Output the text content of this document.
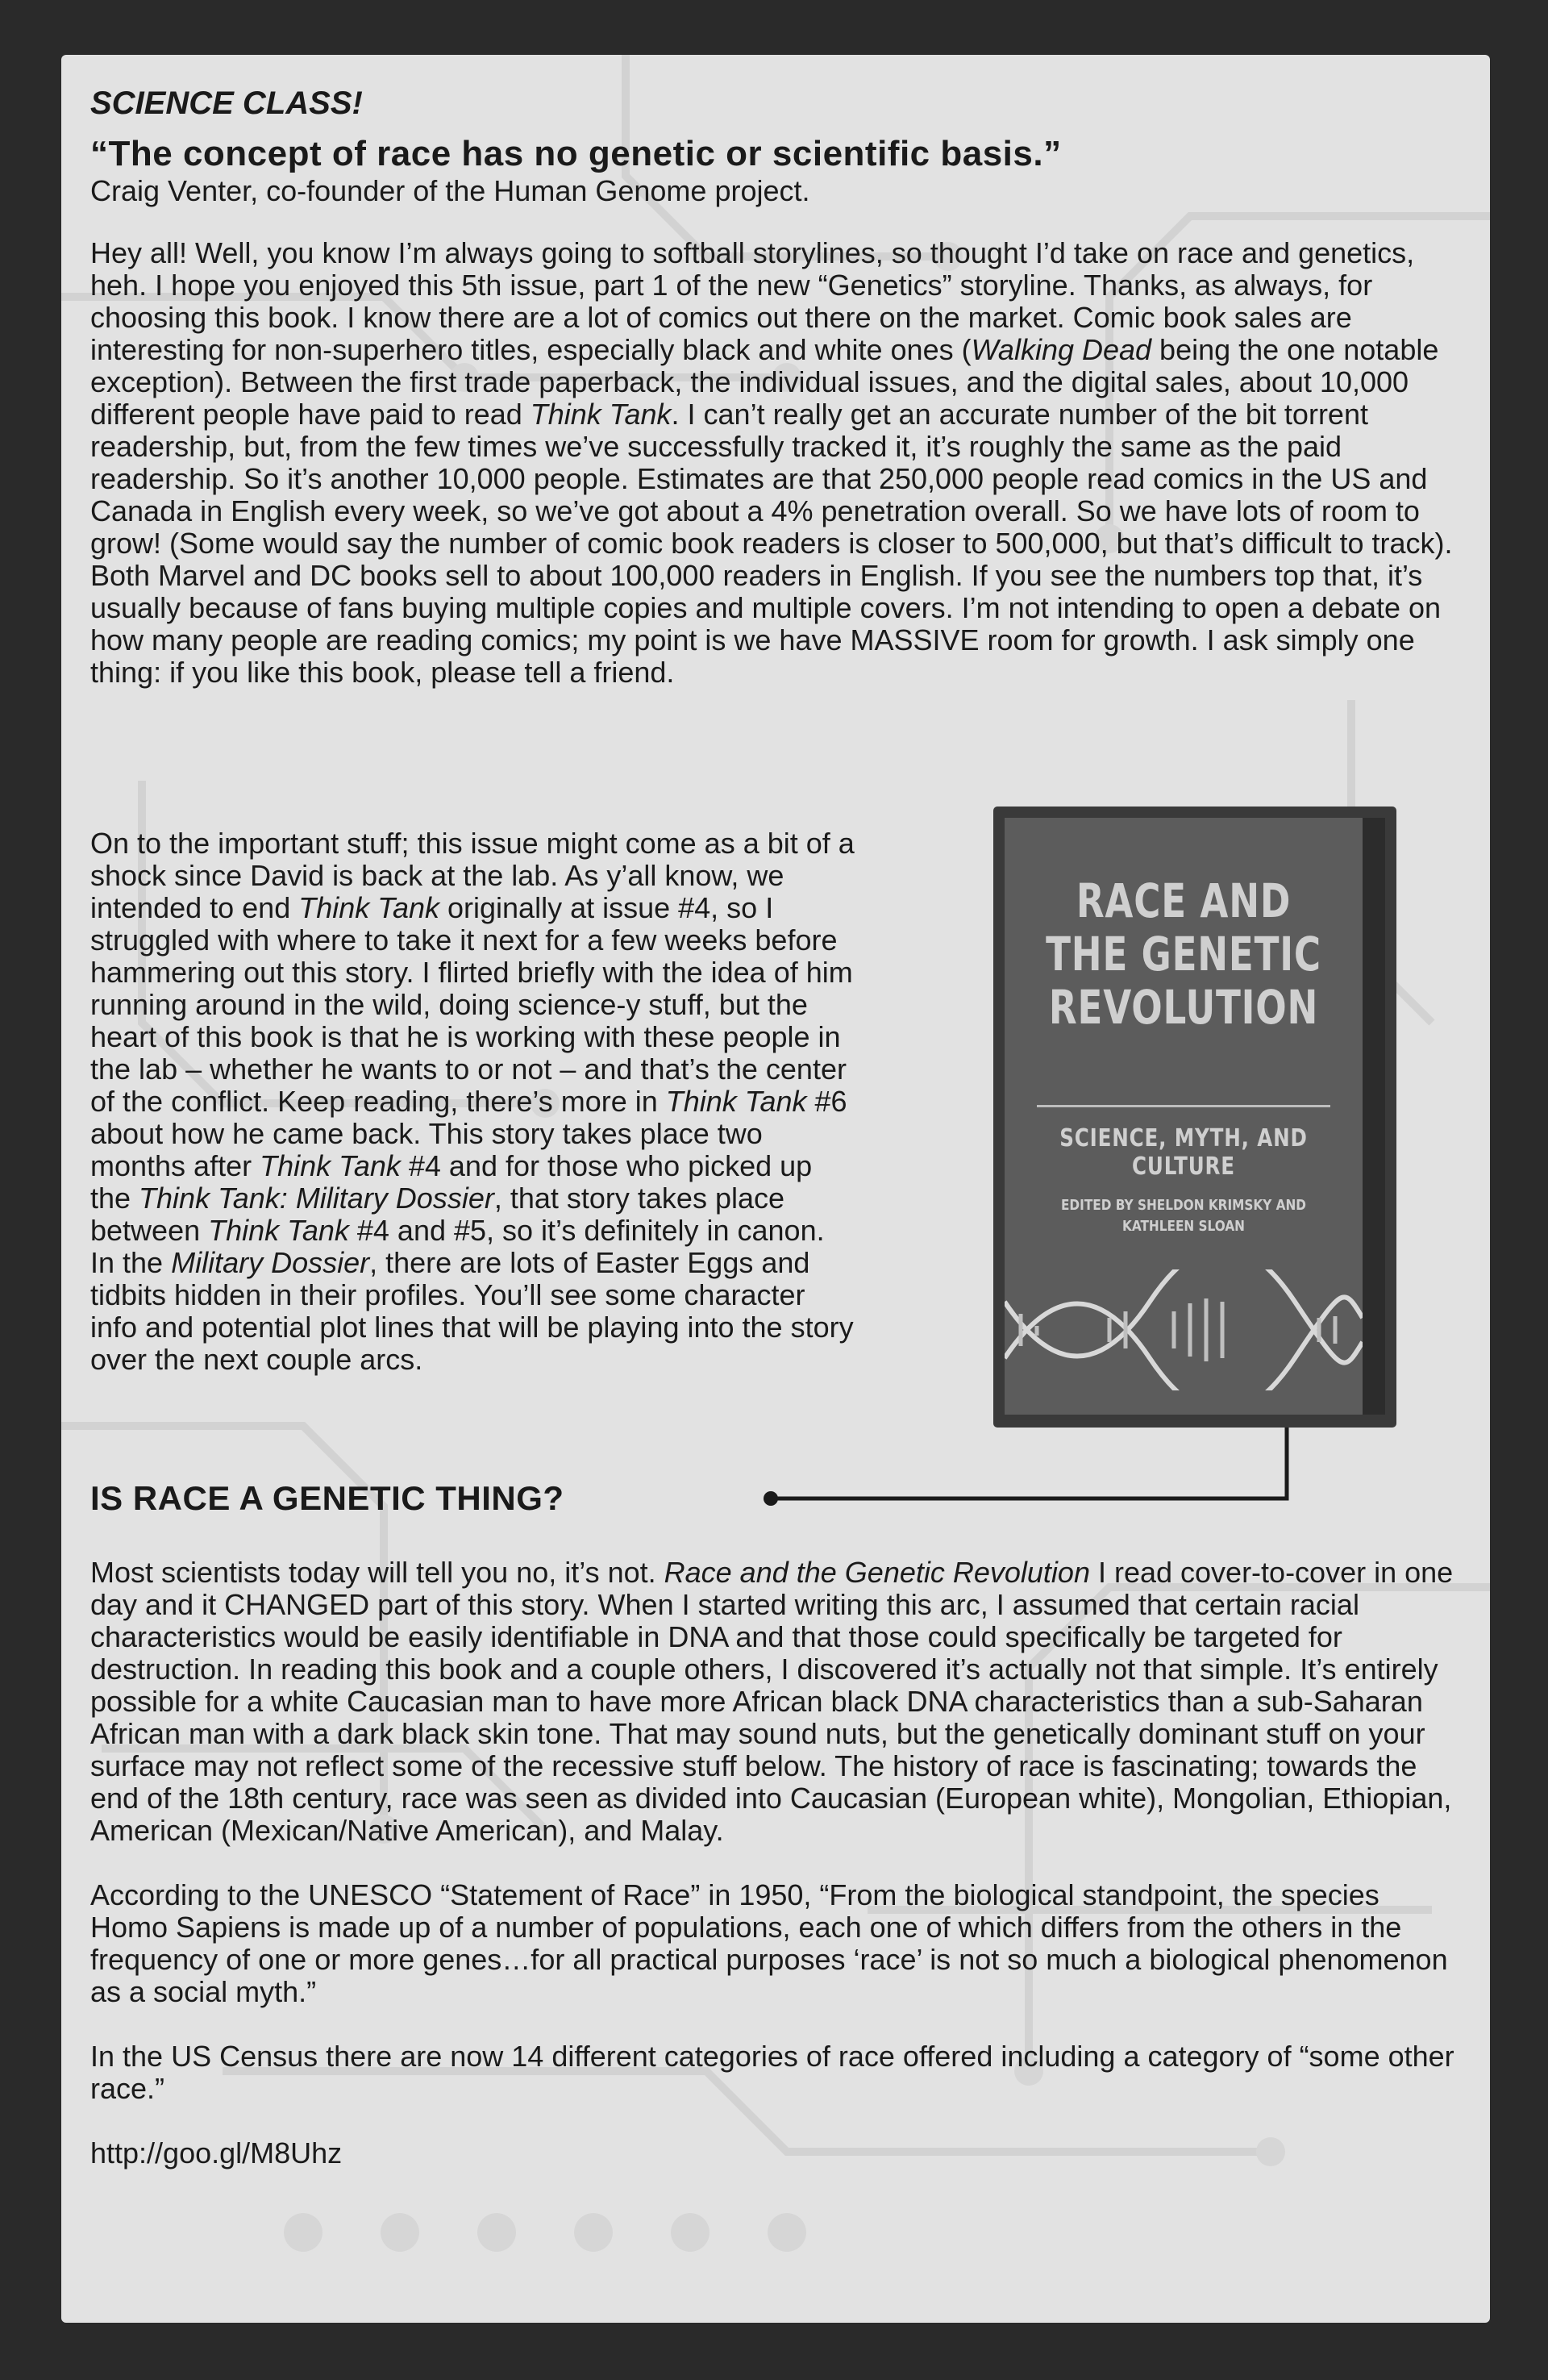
SCIENCE CLASS!
“The concept of race has no genetic or scientific basis.”
Craig Venter, co-founder of the Human Genome project.

Hey all! Well, you know I’m always going to softball storylines, so thought I’d take on race and genetics, heh. I hope you enjoyed this 5th issue, part 1 of the new “Genetics” storyline. Thanks, as always, for choosing this book. I know there are a lot of comics out there on the market. Comic book sales are interesting for non-superhero titles, especially black and white ones (Walking Dead being the one notable exception). Between the first trade paperback, the individual issues, and the digital sales, about 10,000 different people have paid to read Think Tank. I can’t really get an accurate number of the bit torrent readership, but, from the few times we’ve successfully tracked it, it’s roughly the same as the paid readership. So it’s another 10,000 people. Estimates are that 250,000 people read comics in the US and Canada in English every week, so we’ve got about a 4% penetration overall. So we have lots of room to grow! (Some would say the number of comic book readers is closer to 500,000, but that’s difficult to track). Both Marvel and DC books sell to about 100,000 readers in English. If you see the numbers top that, it’s usually because of fans buying multiple copies and multiple covers. I’m not intending to open a debate on how many people are reading comics; my point is we have MASSIVE room for growth. I ask simply one thing: if you like this book, please tell a friend.

On to the important stuff; this issue might come as a bit of a shock since David is back at the lab. As y’all know, we intended to end Think Tank originally at issue #4, so I struggled with where to take it next for a few weeks before hammering out this story. I flirted briefly with the idea of him running around in the wild, doing science-y stuff, but the heart of this book is that he is working with these people in the lab – whether he wants to or not – and that’s the center of the conflict. Keep reading, there’s more in Think Tank #6 about how he came back. This story takes place two months after Think Tank #4 and for those who picked up the Think Tank: Military Dossier, that story takes place between Think Tank #4 and #5, so it’s definitely in canon. In the Military Dossier, there are lots of Easter Eggs and tidbits hidden in their profiles. You’ll see some character info and potential plot lines that will be playing into the story over the next couple arcs.

RACE AND THE GENETIC REVOLUTION
SCIENCE, MYTH, AND CULTURE
EDITED BY SHELDON KRIMSKY AND KATHLEEN SLOAN
IS RACE A GENETIC THING?

Most scientists today will tell you no, it’s not. Race and the Genetic Revolution I read cover-to-cover in one day and it CHANGED part of this story. When I started writing this arc, I assumed that certain racial characteristics would be easily identifiable in DNA and that those could specifically be targeted for destruction. In reading this book and a couple others, I discovered it’s actually not that simple. It’s entirely possible for a white Caucasian man to have more African black DNA characteristics than a sub-Saharan African man with a dark black skin tone. That may sound nuts, but the genetically dominant stuff on your surface may not reflect some of the recessive stuff below. The history of race is fascinating; towards the end of the 18th century, race was seen as divided into Caucasian (European white), Mongolian, Ethiopian, American (Mexican/Native American), and Malay.

According to the UNESCO “Statement of Race” in 1950, “From the biological standpoint, the species Homo Sapiens is made up of a number of populations, each one of which differs from the others in the frequency of one or more genes…for all practical purposes ‘race’ is not so much a biological phenomenon as a social myth.”

In the US Census there are now 14 different categories of race offered including a category of “some other race.”

http://goo.gl/M8Uhz
